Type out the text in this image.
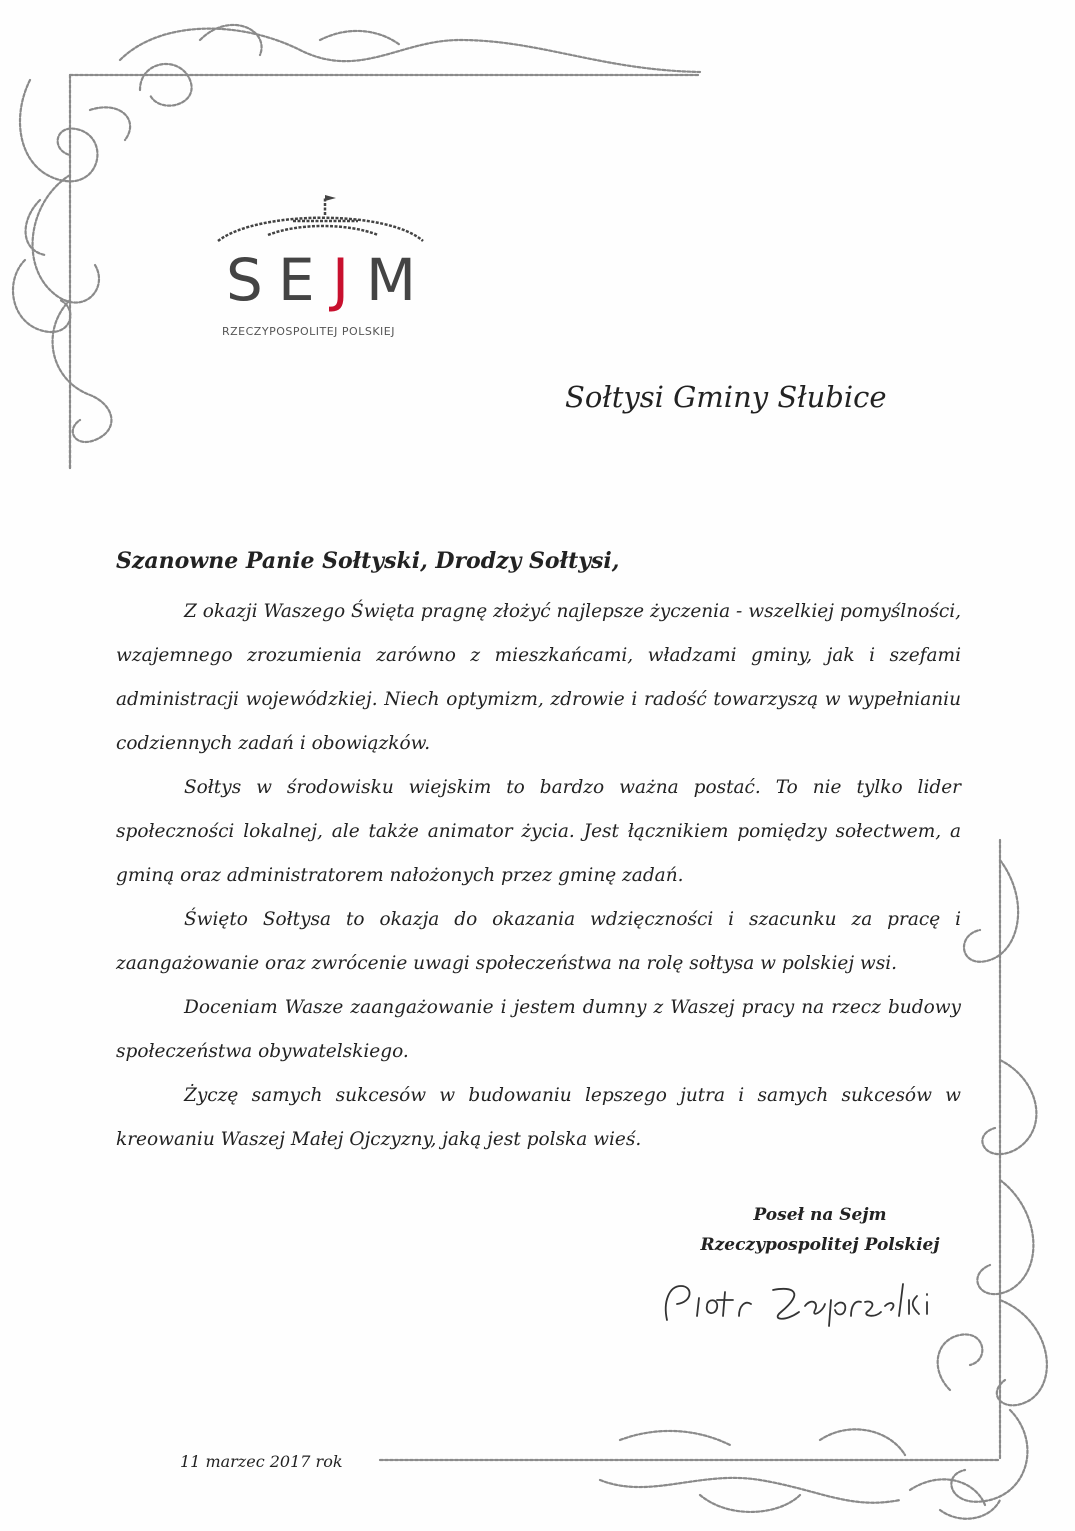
S E J M
RZECZYPOSPOLITEJ POLSKIEJ
Sołtysi Gminy Słubice
Szanowne Panie Sołtyski, Drodzy Sołtysi,

Z okazji Waszego Święta pragnę złożyć najlepsze życzenia - wszelkiej pomyślności, wzajemnego zrozumienia zarówno z mieszkańcami, władzami gminy, jak i szefami administracji wojewódzkiej. Niech optymizm, zdrowie i radość towarzyszą w wypełnianiu codziennych zadań i obowiązków.

Sołtys w środowisku wiejskim to bardzo ważna postać. To nie tylko lider społeczności lokalnej, ale także animator życia. Jest łącznikiem pomiędzy sołectwem, a gminą oraz administratorem nałożonych przez gminę zadań.

Święto Sołtysa to okazja do okazania wdzięczności i szacunku za pracę i zaangażowanie oraz zwrócenie uwagi społeczeństwa na rolę sołtysa w polskiej wsi.

Doceniam Wasze zaangażowanie i jestem dumny z Waszej pracy na rzecz budowy społeczeństwa obywatelskiego.

Życzę samych sukcesów w budowaniu lepszego jutra i samych sukcesów w kreowaniu Waszej Małej Ojczyzny, jaką jest polska wieś.

Poseł na Sejm
Rzeczypospolitej Polskiej
11 marzec 2017 rok
